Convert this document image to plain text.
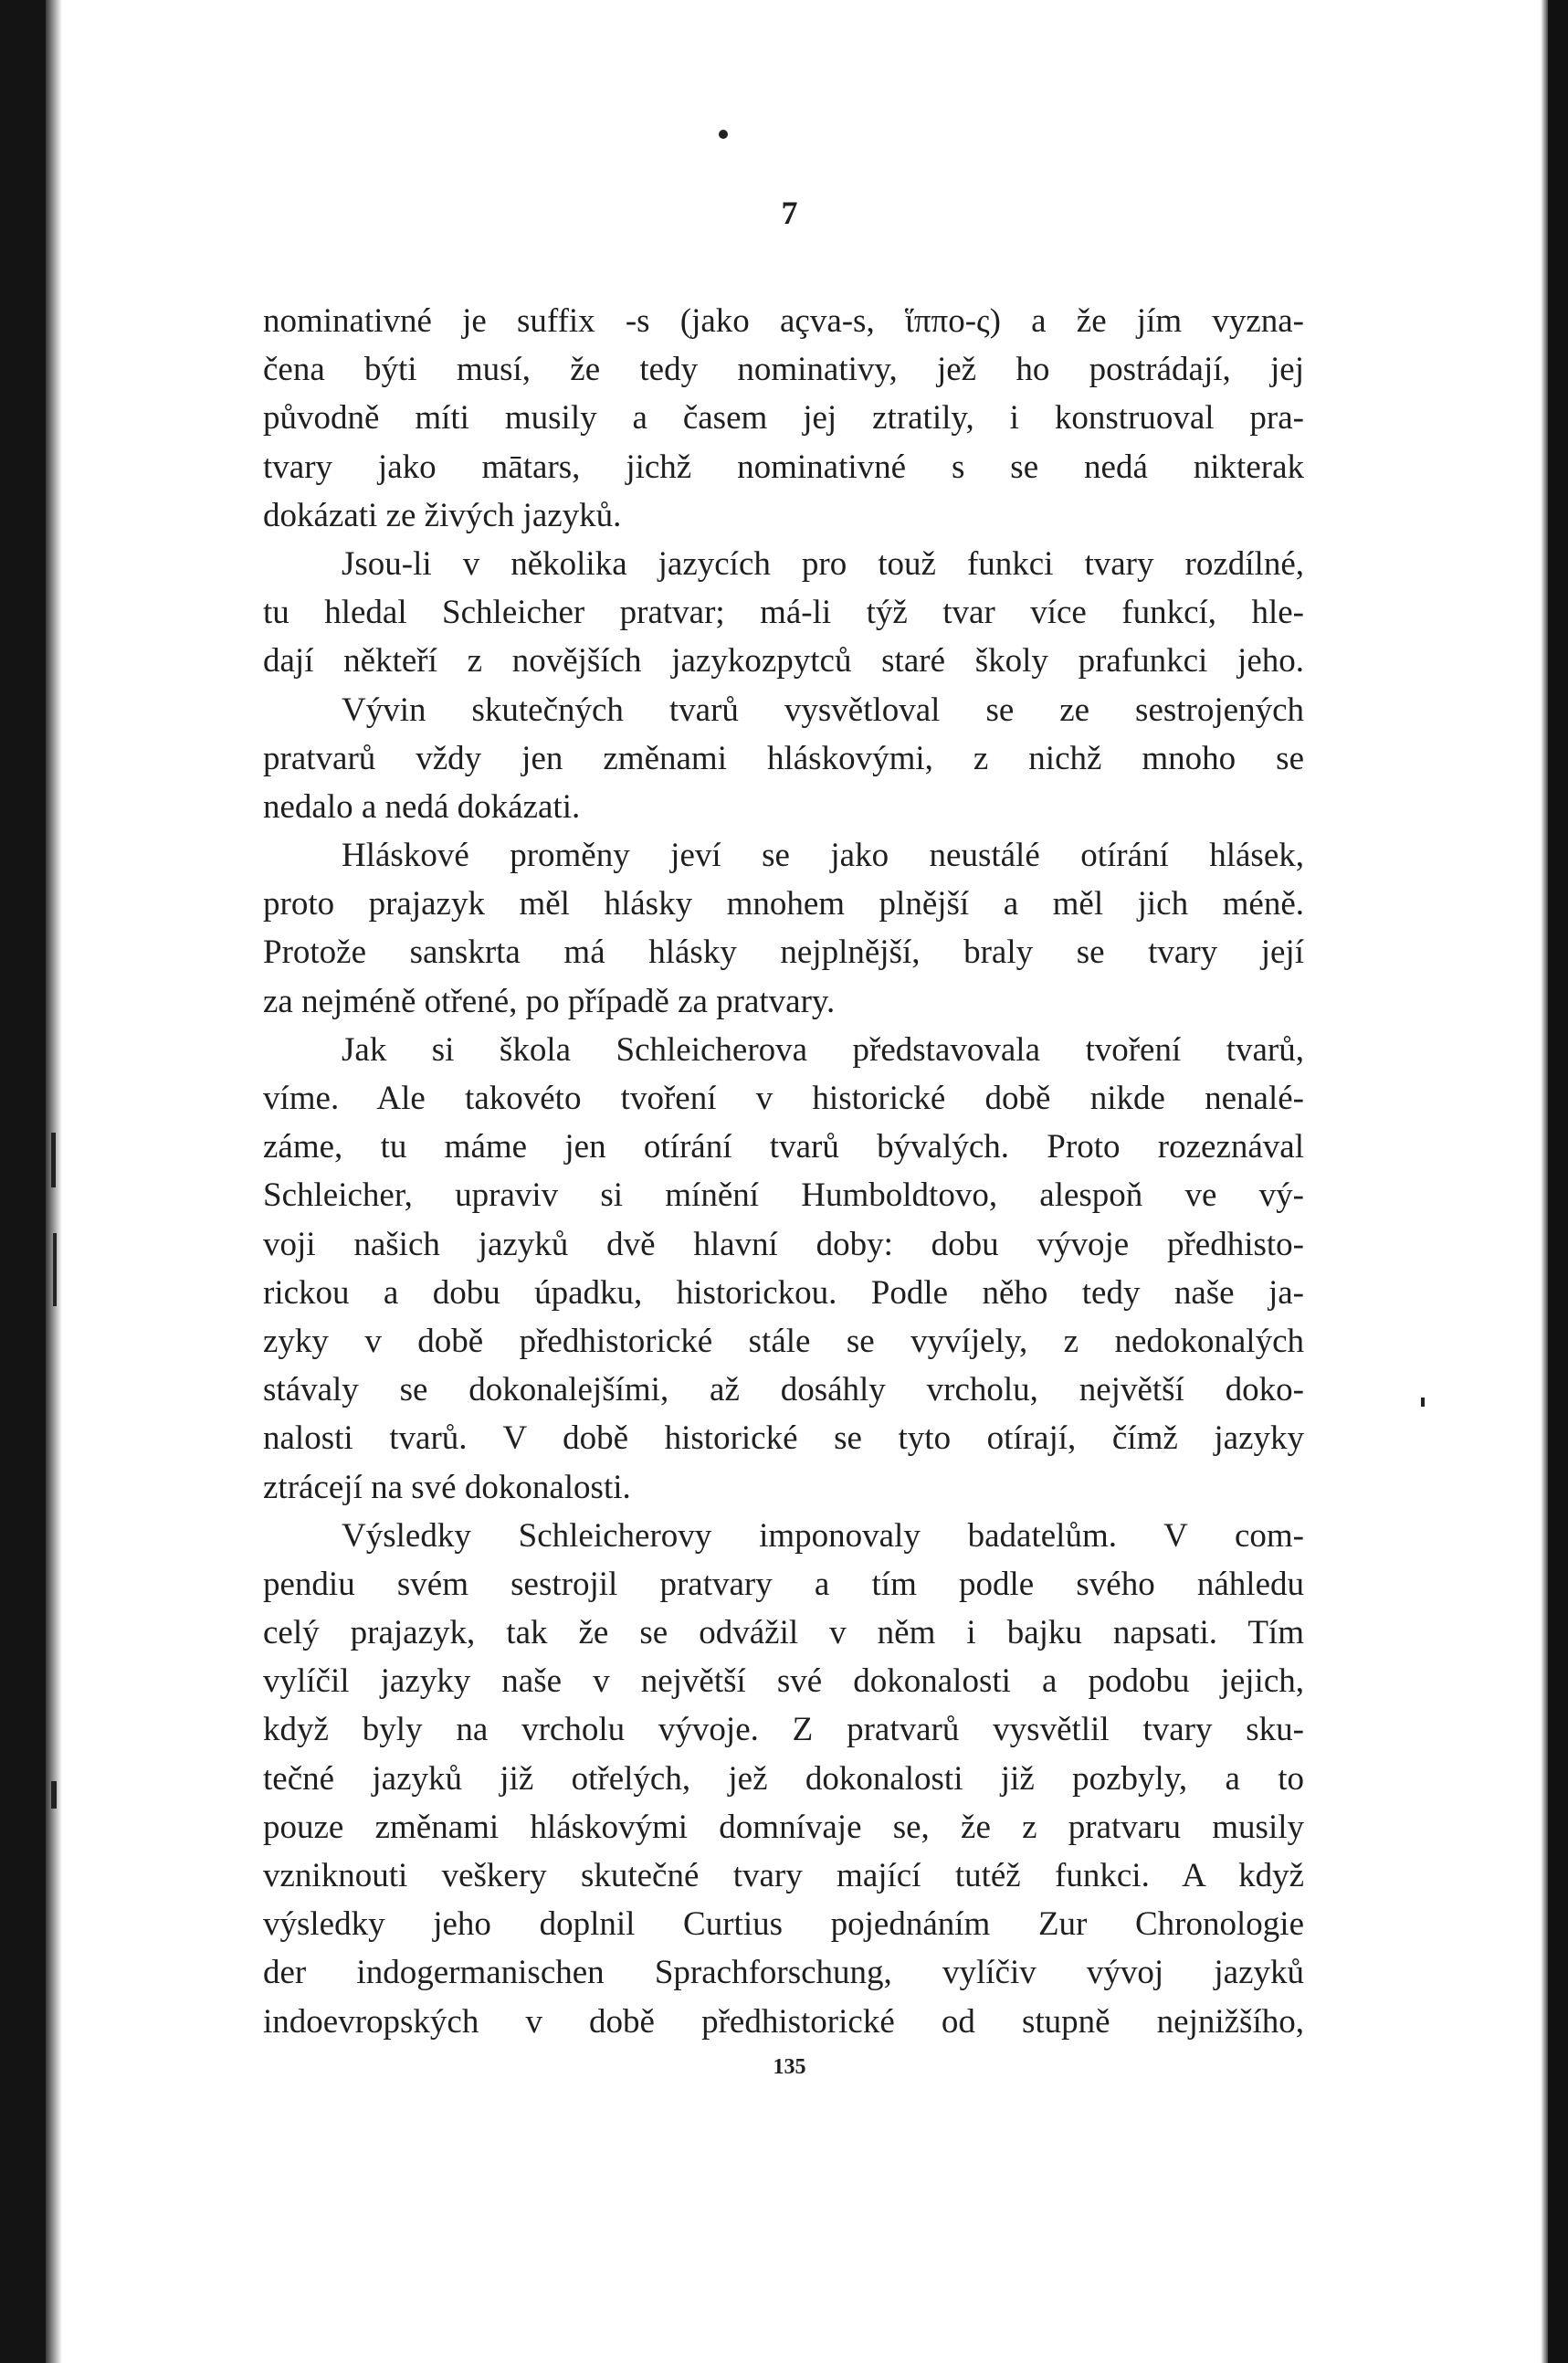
7
nominativné je suffix -s (jako açva-s, ἵππο-ς) a že jím vyzna-
čena býti musí, že tedy nominativy, jež ho postrádají, jej
původně míti musily a časem jej ztratily, i konstruoval pra-
tvary jako mātars, jichž nominativné s se nedá nikterak
dokázati ze živých jazyků.
Jsou-li v několika jazycích pro touž funkci tvary rozdílné,
tu hledal Schleicher pratvar; má-li týž tvar více funkcí, hle-
dají někteří z novějších jazykozpytců staré školy prafunkci jeho.
Vývin skutečných tvarů vysvětloval se ze sestrojených
pratvarů vždy jen změnami hláskovými, z nichž mnoho se
nedalo a nedá dokázati.
Hláskové proměny jeví se jako neustálé otírání hlásek,
proto prajazyk měl hlásky mnohem plnější a měl jich méně.
Protože sanskrta má hlásky nejplnější, braly se tvary její
za nejméně otřené, po případě za pratvary.
Jak si škola Schleicherova představovala tvoření tvarů,
víme. Ale takovéto tvoření v historické době nikde nenalé-
záme, tu máme jen otírání tvarů bývalých. Proto rozeznával
Schleicher, upraviv si mínění Humboldtovo, alespoň ve vý-
voji našich jazyků dvě hlavní doby: dobu vývoje předhisto-
rickou a dobu úpadku, historickou. Podle něho tedy naše ja-
zyky v době předhistorické stále se vyvíjely, z nedokonalých
stávaly se dokonalejšími, až dosáhly vrcholu, největší doko-
nalosti tvarů. V době historické se tyto otírají, čímž jazyky
ztrácejí na své dokonalosti.
Výsledky Schleicherovy imponovaly badatelům. V com-
pendiu svém sestrojil pratvary a tím podle svého náhledu
celý prajazyk, tak že se odvážil v něm i bajku napsati. Tím
vylíčil jazyky naše v největší své dokonalosti a podobu jejich,
když byly na vrcholu vývoje. Z pratvarů vysvětlil tvary sku-
tečné jazyků již otřelých, jež dokonalosti již pozbyly, a to
pouze změnami hláskovými domnívaje se, že z pratvaru musily
vzniknouti veškery skutečné tvary mající tutéž funkci. A když
výsledky jeho doplnil Curtius pojednáním Zur Chronologie
der indogermanischen Sprachforschung, vylíčiv vývoj jazyků
indoevropských v době předhistorické od stupně nejnižšího,
135
